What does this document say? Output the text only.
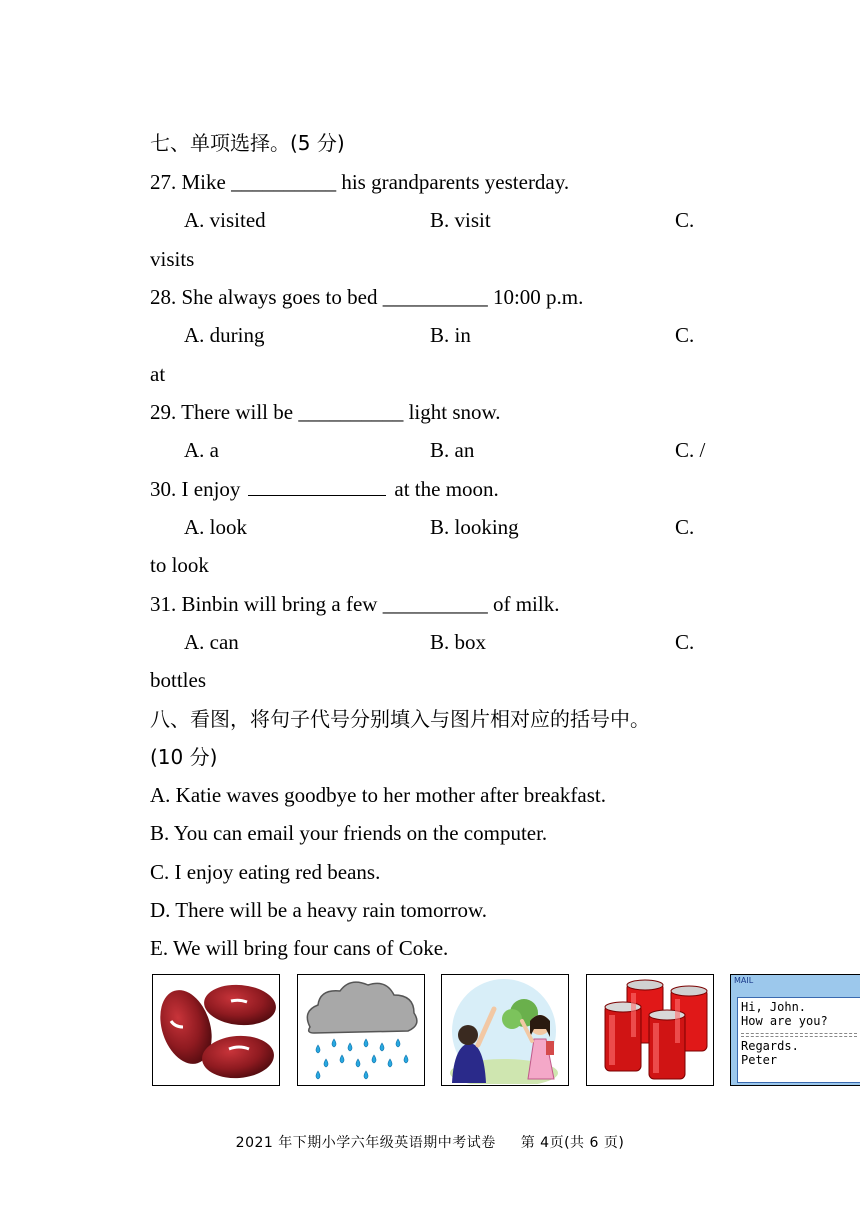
七、单项选择。(5 分)
27. Mike __________ his grandparents yesterday.
A. visited	B. visit	C.
visits
28. She always goes to bed __________ 10:00 p.m.
A. during	B. in	C.
at
29. There will be __________ light snow.
A. a	B. an	C. /
30. I enjoy	at the moon.
A. look	B. looking	C.
to look
31. Binbin will bring a few __________ of milk.
A. can	B. box	C.
bottles
八、看图，将句子代号分别填入与图片相对应的括号中。
(10 分)
A. Katie waves goodbye to her mother after breakfast.
B. You can email your friends on the computer.
C. I enjoy eating red beans.
D. There will be a heavy rain tomorrow.
E. We will bring four cans of Coke.
MAIL
Hi, John.
How are you?
Regards.
Peter
2021 年下期小学六年级英语期中考试卷 第 4页(共 6 页)
